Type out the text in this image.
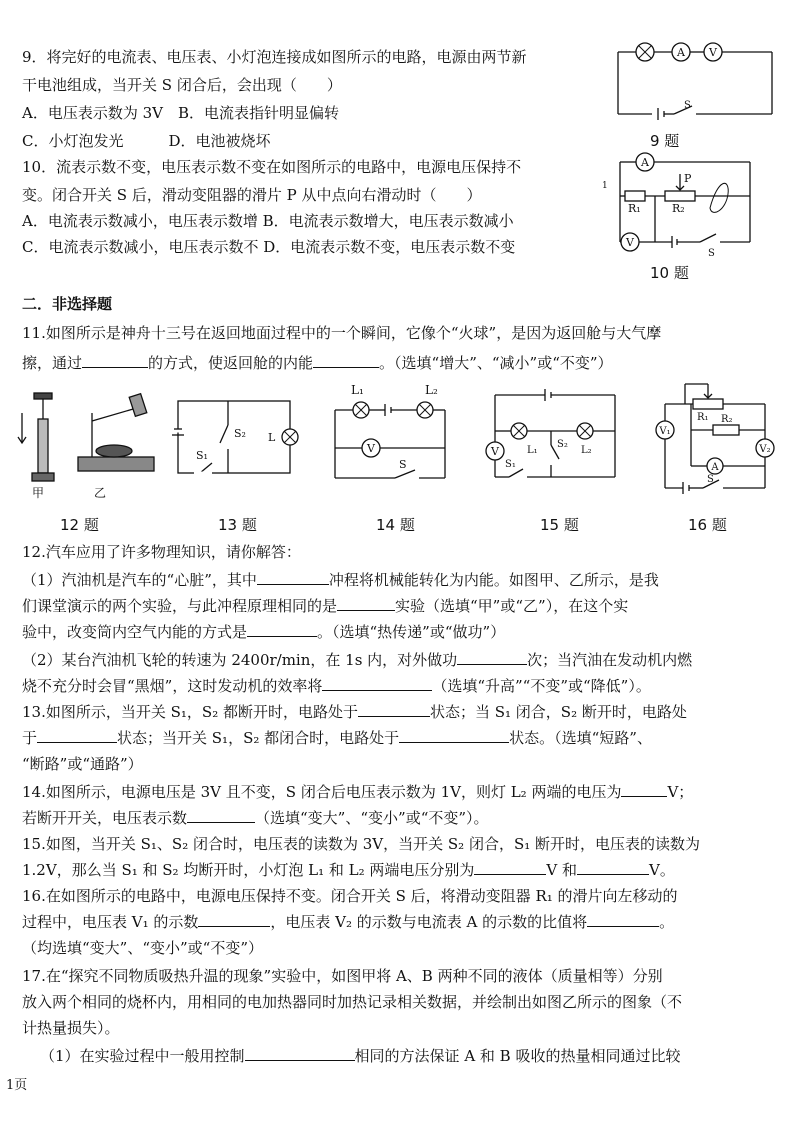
9．将完好的电流表、电压表、小灯泡连接成如图所示的电路，电源由两节新
干电池组成，当开关 S 闭合后，会出现（　　）
A．电压表示数为 3V　B．电流表指针明显偏转
C．小灯泡发光　　　D．电池被烧坏
A V
S
9 题
10．流表示数不变，电压表示数不变在如图所示的电路中，电源电压保持不
变。闭合开关 S 后，滑动变阻器的滑片 P 从中点向右滑动时（　　）
A．电流表示数减小，电压表示数增 B．电流表示数增大，电压表示数减小
C．电流表示数减小，电压表示数不 D．电流表示数不变，电压表示数不变
A
V
1
R₁	R₂
P
S
10 题
二．非选择题
11.如图所示是神舟十三号在返回地面过程中的一个瞬间，它像个“火球”，是因为返回舱与大气摩
擦，通过	的方式，使返回舱的内能	。（选填“增大”、“减小”或“不变”）
甲	乙
S₂
S₁
L
V
L₁	L₂
S
V	L₁	L₂
S₂
S₁
V₁
V₂
A
R₁ R₂
S
12 题	13 题	14 题	15 题	16 题
12.汽车应用了许多物理知识，请你解答：
（1）汽油机是汽车的“心脏”，其中	冲程将机械能转化为内能。如图甲、乙所示，是我
们课堂演示的两个实验，与此冲程原理相同的是	实验（选填“甲”或“乙”），在这个实
验中，改变筒内空气内能的方式是	。（选填“热传递”或“做功”）
（2）某台汽油机飞轮的转速为 2400r/min，在 1s 内，对外做功	次；当汽油在发动机内燃
烧不充分时会冒“黑烟”，这时发动机的效率将	（选填“升高”“不变”或“降低”）。
13.如图所示，当开关 S₁，S₂ 都断开时，电路处于	状态；当 S₁ 闭合，S₂ 断开时，电路处
于	状态；当开关 S₁，S₂ 都闭合时，电路处于	状态。（选填“短路”、
“断路”或“通路”）
14.如图所示，电源电压是 3V 且不变，S 闭合后电压表示数为 1V，则灯 L₂ 两端的电压为	V；
若断开开关，电压表示数	（选填“变大”、“变小”或“不变”）。
15.如图，当开关 S₁、S₂ 闭合时，电压表的读数为 3V，当开关 S₂ 闭合，S₁ 断开时，电压表的读数为
1.2V，那么当 S₁ 和 S₂ 均断开时，小灯泡 L₁ 和 L₂ 两端电压分别为	V 和	V。
16.在如图所示的电路中，电源电压保持不变。闭合开关 S 后，将滑动变阻器 R₁ 的滑片向左移动的
过程中，电压表 V₁ 的示数	，电压表 V₂ 的示数与电流表 A 的示数的比值将	。
（均选填“变大”、“变小”或“不变”）
17.在“探究不同物质吸热升温的现象”实验中，如图甲将 A、B 两种不同的液体（质量相等）分别
放入两个相同的烧杯内，用相同的电加热器同时加热记录相关数据，并绘制出如图乙所示的图象（不
计热量损失）。
（1）在实验过程中一般用控制	相同的方法保证 A 和 B 吸收的热量相同通过比较
1页
